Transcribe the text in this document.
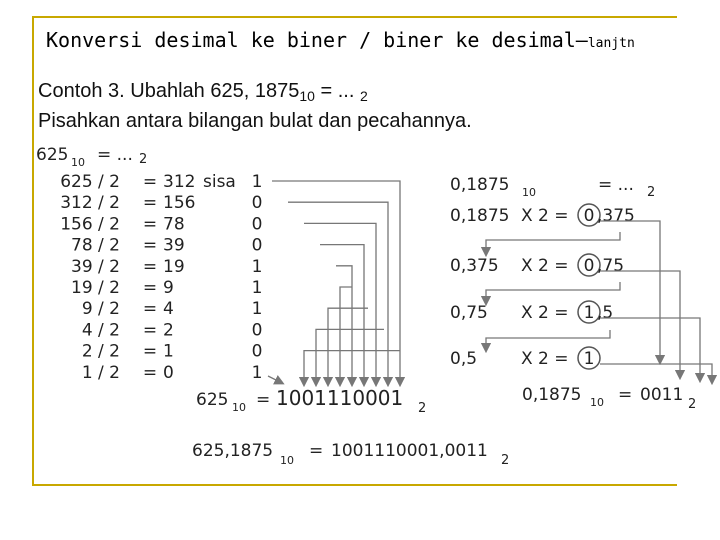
Konversi desimal ke biner / biner ke desimal–lanjtn
Contoh 3. Ubahlah 625, $1875_{10}$ = ... $_2$
Pisahkan antara bilangan bulat dan pecahannya.
625 10 = ... 2
625 / 2 = 312 sisa 1
312 / 2 = 156	0
156 / 2 = 78	0
78 / 2 = 39	0
39 / 2 = 19	1
19 / 2 = 9	1
9 / 2 = 4	1
4 / 2 = 2	0
2 / 2 = 1	0
1 / 2 = 0	1
625 10 = 1001110001 2
0,1875 10	= ... 2
0,1875 X 2 = 0 ,375
0,375 X 2 = 0 ,75
0,75 X 2 = 1 ,5
0,5	X 2 = 1
0,1875 10 = 0011 2
625,1875 10 = 1001110001,0011 2
